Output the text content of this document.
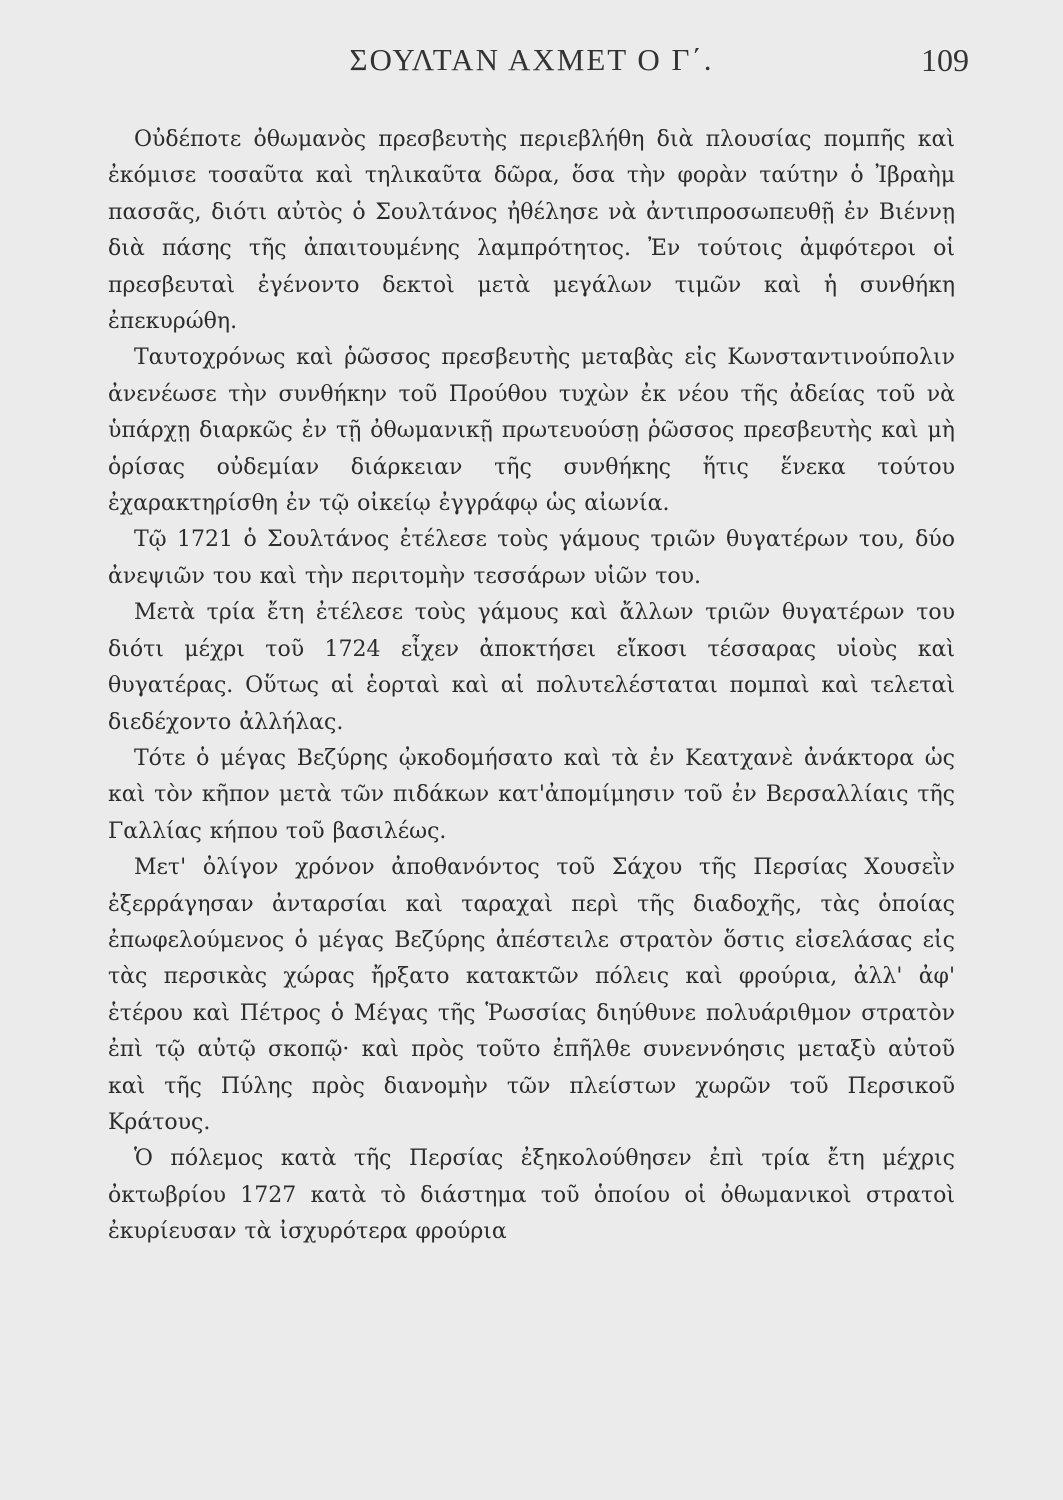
ΣΟΥΛΤΑΝ ΑΧΜΕΤ Ο Γ΄.	109

Οὐδέποτε ὀθωμανὸς πρεσβευτὴς περιεβλήθη διὰ πλουσίας πομπῆς καὶ ἐκόμισε τοσαῦτα καὶ τηλικαῦτα δῶρα, ὅσα τὴν φορὰν ταύτην ὁ Ἰβραὴμ πασσᾶς, διότι αὐτὸς ὁ Σουλτάνος ἠθέλησε νὰ ἀντιπροσωπευθῇ ἐν Βιέννῃ διὰ πάσης τῆς ἀπαιτουμένης λαμπρότητος. Ἐν τούτοις ἀμφότεροι οἱ πρεσβευταὶ ἐγένοντο δεκτοὶ μετὰ μεγάλων τιμῶν καὶ ἡ συνθήκη ἐπεκυρώθη.

Ταυτοχρόνως καὶ ῥῶσσος πρεσβευτὴς μεταβὰς εἰς Κωνσταντινούπολιν ἀνενέωσε τὴν συνθήκην τοῦ Προύθου τυχὼν ἐκ νέου τῆς ἀδείας τοῦ νὰ ὑπάρχῃ διαρκῶς ἐν τῇ ὀθωμανικῇ πρωτευούσῃ ῥῶσσος πρεσβευτὴς καὶ μὴ ὁρίσας οὐδεμίαν διάρκειαν τῆς συνθήκης ἥτις ἕνεκα τούτου ἐχαρακτηρίσθη ἐν τῷ οἰκείῳ ἐγγράφῳ ὡς αἰωνία.

Τῷ 1721 ὁ Σουλτάνος ἐτέλεσε τοὺς γάμους τριῶν θυγατέρων του, δύο ἀνεψιῶν του καὶ τὴν περιτομὴν τεσσάρων υἱῶν του.

Μετὰ τρία ἔτη ἐτέλεσε τοὺς γάμους καὶ ἄλλων τριῶν θυγατέρων του διότι μέχρι τοῦ 1724 εἶχεν ἀποκτήσει εἴκοσι τέσσαρας υἱοὺς καὶ θυγατέρας. Οὕτως αἱ ἑορταὶ καὶ αἱ πολυτελέσταται πομπαὶ καὶ τελεταὶ διεδέχοντο ἀλλήλας.

Τότε ὁ μέγας Βεζύρης ᾠκοδομήσατο καὶ τὰ ἐν Κεατχανὲ ἀνάκτορα ὡς καὶ τὸν κῆπον μετὰ τῶν πιδάκων κατ'ἀπομίμησιν τοῦ ἐν Βερσαλλίαις τῆς Γαλλίας κήπου τοῦ βασιλέως.

Μετ' ὀλίγον χρόνον ἀποθανόντος τοῦ Σάχου τῆς Περσίας Χουσεῒν ἐξερράγησαν ἀνταρσίαι καὶ ταραχαὶ περὶ τῆς διαδοχῆς, τὰς ὁποίας ἐπωφελούμενος ὁ μέγας Βεζύρης ἀπέστειλε στρατὸν ὅστις εἰσελάσας εἰς τὰς περσικὰς χώρας ἤρξατο κατακτῶν πόλεις καὶ φρούρια, ἀλλ' ἀφ' ἑτέρου καὶ Πέτρος ὁ Μέγας τῆς Ῥωσσίας διηύθυνε πολυάριθμον στρατὸν ἐπὶ τῷ αὐτῷ σκοπῷ· καὶ πρὸς τοῦτο ἐπῆλθε συνεννόησις μεταξὺ αὐτοῦ καὶ τῆς Πύλης πρὸς διανομὴν τῶν πλείστων χωρῶν τοῦ Περσικοῦ Κράτους.

Ὁ πόλεμος κατὰ τῆς Περσίας ἐξηκολούθησεν ἐπὶ τρία ἔτη μέχρις ὀκτωβρίου 1727 κατὰ τὸ διάστημα τοῦ ὁποίου οἱ ὀθωμανικοὶ στρατοὶ ἐκυρίευσαν τὰ ἰσχυρότερα φρούρια
